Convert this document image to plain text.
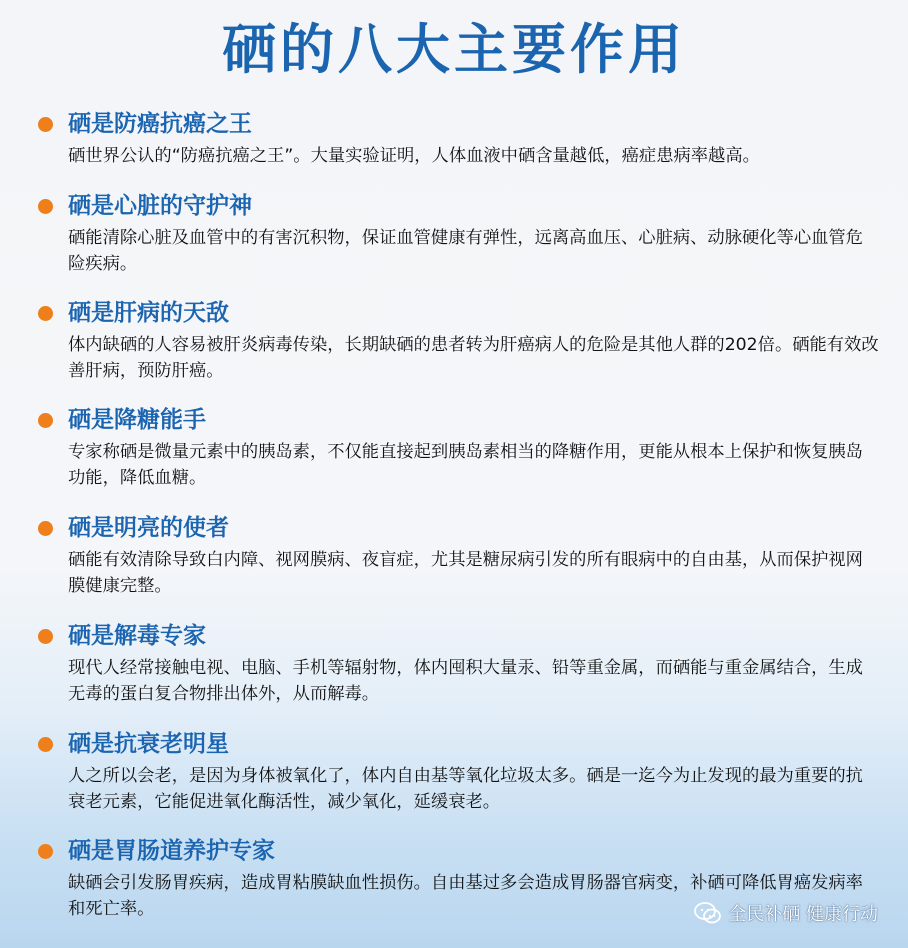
硒的八大主要作用
硒是防癌抗癌之王

硒世界公认的“防癌抗癌之王”。大量实验证明，人体血液中硒含量越低，癌症患病率越高。

硒是心脏的守护神

硒能清除心脏及血管中的有害沉积物，保证血管健康有弹性，远离高血压、心脏病、动脉硬化等心血管危险疾病。

硒是肝病的天敌

体内缺硒的人容易被肝炎病毒传染，长期缺硒的患者转为肝癌病人的危险是其他人群的202倍。硒能有效改善肝病，预防肝癌。

硒是降糖能手

专家称硒是微量元素中的胰岛素，不仅能直接起到胰岛素相当的降糖作用，更能从根本上保护和恢复胰岛功能，降低血糖。

硒是明亮的使者

硒能有效清除导致白内障、视网膜病、夜盲症，尤其是糖尿病引发的所有眼病中的自由基，从而保护视网膜健康完整。

硒是解毒专家

现代人经常接触电视、电脑、手机等辐射物，体内囤积大量汞、铅等重金属，而硒能与重金属结合，生成无毒的蛋白复合物排出体外，从而解毒。

硒是抗衰老明星

人之所以会老，是因为身体被氧化了，体内自由基等氧化垃圾太多。硒是一迄今为止发现的最为重要的抗衰老元素，它能促进氧化酶活性，减少氧化，延缓衰老。

硒是胃肠道养护专家

缺硒会引发肠胃疾病，造成胃粘膜缺血性损伤。自由基过多会造成胃肠器官病变，补硒可降低胃癌发病率和死亡率。	全民补硒 健康行动
